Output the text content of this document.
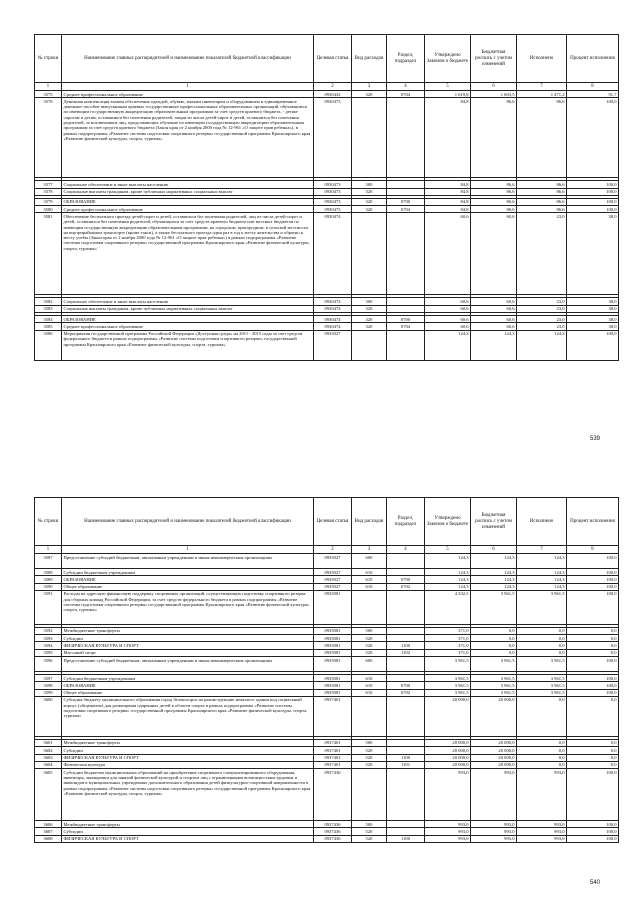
№ строки	Наименование главных распорядителей и наименование показателей бюджетной классификации	Целевая статья	Вид расходов	Раздел, подраздел	Утверждено Законом о бюджете	Бюджетная роспись с учетом изменений	Исполнено	Процент исполнения
1	1	2	3	4	5	6	7	8
3575	Среднее профессиональное образование	0930432	320	0704	1 619,8	1 603,5	1 471,2	91,7
3576	Денежная компенсация взамен обеспечения одеждой, обувью, мягким инвентарем и оборудованием и единовременное денежное пособие выпускникам краевых государственных профессиональных образовательных организаций, обучавшимся по имеющим государственную аккредитацию образовательным программам за счет средств краевого бюджета, - детям-сиротам и детям, оставшимся без попечения родителей, лицам из числа детей-сирот и детей, оставшихся без попечения родителей, за исключением лиц, продолжающих обучение по имеющим государственную аккредитацию образовательным программам за счет средств краевого бюджета (Закон края от 2 ноября 2000 года № 12-961 «О защите прав ребенка»), в рамках подпрограммы «Развитие системы подготовки спортивного резерва» государственной программы Красноярского края «Развитие физической культуры, спорта, туризма»	0930473			84,8	86,6	86,6	100,0

3577	Социальное обеспечение и иные выплаты населению	0930473	300		84,8	86,6	86,6	100,0
3578	Социальные выплаты гражданам, кроме публичных нормативных социальных выплат	0930473	320		84,8	86,6	86,6	100,0

3579	ОБРАЗОВАНИЕ	0930473	320	0700	84,8	86,6	86,6	100,0
3580	Среднее профессиональное образование	0930473	320	0704	84,8	86,6	86,6	100,0
3581	Обеспечение бесплатного проезда детей-сирот и детей, оставшихся без попечения родителей, лиц из числа детей-сирот и детей, оставшихся без попечения родителей, обучающихся за счет средств краевого бюджета или местных бюджетов по имеющим государственную аккредитацию образовательным программам, на городском, пригородном, в сельской местности на внутрирайонном транспорте (кроме такси), а также бесплатного проезда один раз в год к месту жительства и обратно к месту учебы (Закон края от 2 ноября 2000 года № 12-961 «О защите прав ребенка») в рамках подпрограммы «Развитие системы подготовки спортивного резерва» государственной программы Красноярского края «Развитие физической культуры, спорта, туризма»	0930474			60,6	60,6	23,0	38,0

3582	Социальное обеспечение и иные выплаты населению	0930474	300		60,6	60,6	23,0	38,0
3583	Социальные выплаты гражданам, кроме публичных нормативных социальных выплат	0930474	320		60,6	60,6	23,0	38,0

3584	ОБРАЗОВАНИЕ	0930474	320	0700	60,6	60,6	23,0	38,0
3585	Среднее профессиональное образование	0930474	320	0704	60,6	60,6	23,0	38,0
3586	Мероприятия государственной программы Российской Федерации «Доступная среда» на 2011 - 2015 годы за счет средств федерального бюджета в рамках подпрограммы «Развитие системы подготовки спортивного резерва» государственной программы Красноярского края «Развитие физической культуры, спорта, туризма»	0935027			124,3	124,3	124,3	100,0
539
№ строки	Наименование главных распорядителей и наименование показателей бюджетной классификации	Целевая статья	Вид расходов	Раздел, подраздел	Утверждено Законом о бюджете	Бюджетная роспись с учетом изменений	Исполнено	Процент исполнения
1	1	2	3	4	5	6	7	8
3587	Предоставление субсидий бюджетным, автономным учреждениям и иным некоммерческим организациям	0935027	600		124,3	124,3	124,3	100,0
3588	Субсидии бюджетным учреждениям	0935027	610		124,3	124,3	124,3	100,0
3589	ОБРАЗОВАНИЕ	0935027	610	0700	124,3	124,3	124,3	100,0
3590	Общее образование	0935027	610	0702	124,3	124,3	124,3	100,0
3591	Расходы на адресную финансовую поддержку спортивных организаций, осуществляющих подготовку спортивного резерва для сборных команд Российской Федерации, за счет средств федерального бюджета в рамках подпрограммы «Развитие системы подготовки спортивного резерва» государственной программы Красноярского края «Развитие физической культуры, спорта, туризма»	0935081			4 332,5	3 961,5	3 961,5	100,0

3592	Межбюджетные трансферты	0935081	500		371,0	0,0	0,0	0,0
3593	Субсидии	0935081	520		371,0	0,0	0,0	0,0
3594	ФИЗИЧЕСКАЯ КУЛЬТУРА И СПОРТ	0935081	520	1100	371,0	0,0	0,0	0,0
3595	Массовый спорт	0935081	520	1102	371,0	0,0	0,0	0,0
3596	Предоставление субсидий бюджетным, автономным учреждениям и иным некоммерческим организациям	0935081	600		3 961,5	3 961,5	3 961,5	100,0

3597	Субсидии бюджетным учреждениям	0935081	610		3 961,5	3 961,5	3 961,5	100,0
3598	ОБРАЗОВАНИЕ	0935081	610	0700	3 961,5	3 961,5	3 961,5	100,0
3599	Общее образование	0935081	610	0702	3 961,5	3 961,5	3 961,5	100,0
3600	Субсидия бюджету муниципального образования город Зеленогорск на реконструкцию нежилого здания под социальный корпус (общежитие) для размещения одаренных детей в области спорта в рамках подпрограммы «Развитие системы подготовки спортивного резерва» государственной программы Красноярского края «Развитие физической культуры, спорта, туризма»	0937401			20 000,0	20 000,0	0,0	0,0

3601	Межбюджетные трансферты	0937401	500		20 000,0	20 000,0	0,0	0,0
3602	Субсидии	0937401	520		20 000,0	20 000,0	0,0	0,0
3603	ФИЗИЧЕСКАЯ КУЛЬТУРА И СПОРТ	0937401	520	1100	20 000,0	20 000,0	0,0	0,0
3604	Физическая культура	0937401	520	1101	20 000,0	20 000,0	0,0	0,0
3605	Субсидии бюджетам муниципальных образований на приобретение спортивного специализированного оборудования, инвентаря, экипировки для занятий физической культурой и спортом лиц с ограниченными возможностями здоровья и инвалидов в муниципальных учреждениях дополнительного образования детей физкультурно-спортивной направленности в рамках подпрограммы «Развитие системы подготовки спортивного резерва» государственной программы Красноярского края «Развитие физической культуры, спорта, туризма»	0937436			993,0	993,0	993,0	100,0
3606	Межбюджетные трансферты	0937436	500		993,0	993,0	993,0	100,0
3607	Субсидии	0937436	520		993,0	993,0	993,0	100,0
3608	ФИЗИЧЕСКАЯ КУЛЬТУРА И СПОРТ	0937436	520	1100	993,0	993,0	993,0	100,0
540
